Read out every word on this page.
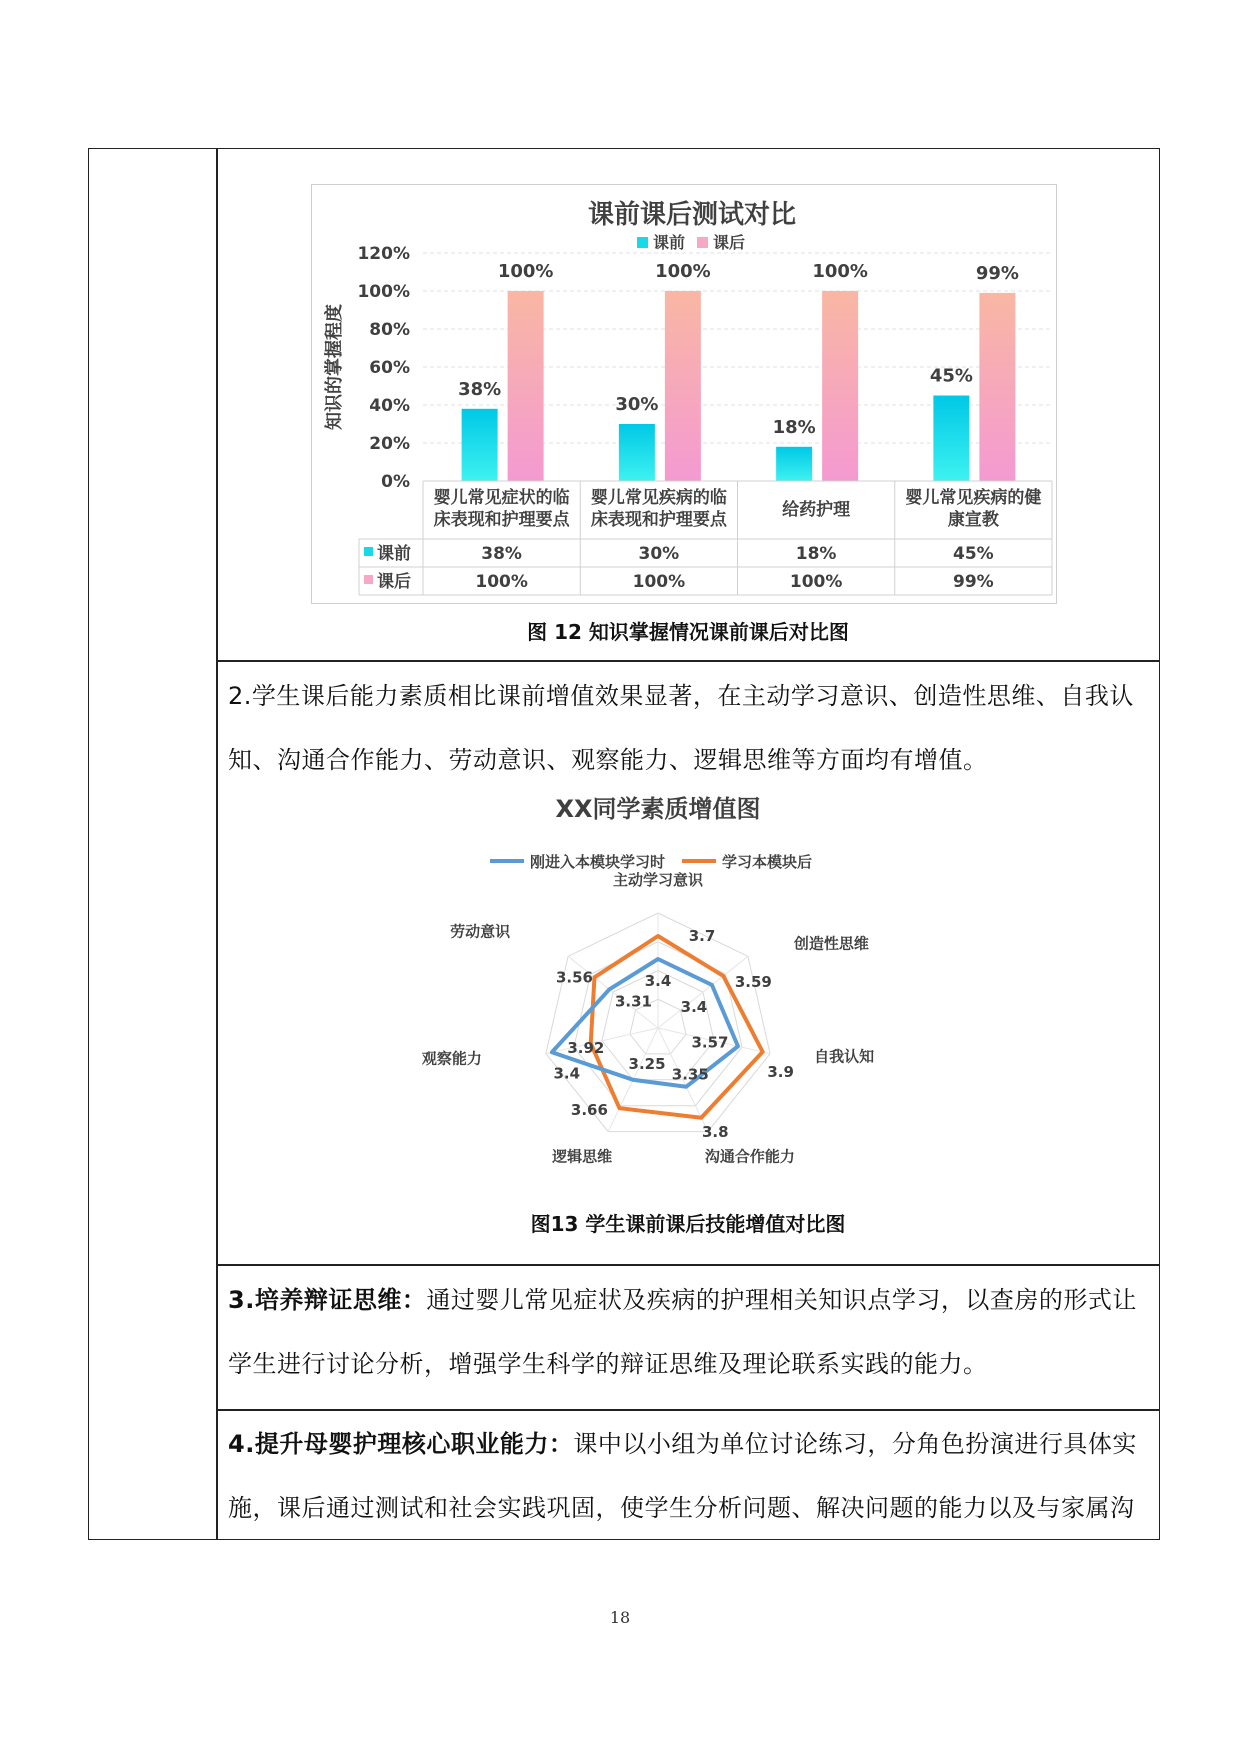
课前课后测试对比
课前 课后
0%
20%
40%
60%
80%
100%
120%
知识的掌握程度	38%
100%
婴儿常见症状的临
床表现和护理要点
38%
100%
30%
100%
婴儿常见疾病的临
床表现和护理要点
30%
100%
18%
100%
给药护理
18%
100%
45%
99%
婴儿常见疾病的健
康宣教
45%
99%
课前
课后
图 12 知识掌握情况课前课后对比图
2.学生课后能力素质相比课前增值效果显著，在主动学习意识、创造性思维、自我认知、沟通合作能力、劳动意识、观察能力、逻辑思维等方面均有增值。
XX同学素质增值图
刚进入本模块学习时	学习本模块后
主动学习意识
创造性思维
自我认知
沟通合作能力
逻辑思维
观察能力
劳动意识
3.4
3.4
3.57
3.35
3.25
3.92
3.31
3.7
3.59
3.9
3.8
3.66
3.4
3.56
图13 学生课前课后技能增值对比图
3.培养辩证思维：通过婴儿常见症状及疾病的护理相关知识点学习，以查房的形式让学生进行讨论分析，增强学生科学的辩证思维及理论联系实践的能力。
4.提升母婴护理核心职业能力：课中以小组为单位讨论练习，分角色扮演进行具体实施，课后通过测试和社会实践巩固，使学生分析问题、解决问题的能力以及与家属沟
18
